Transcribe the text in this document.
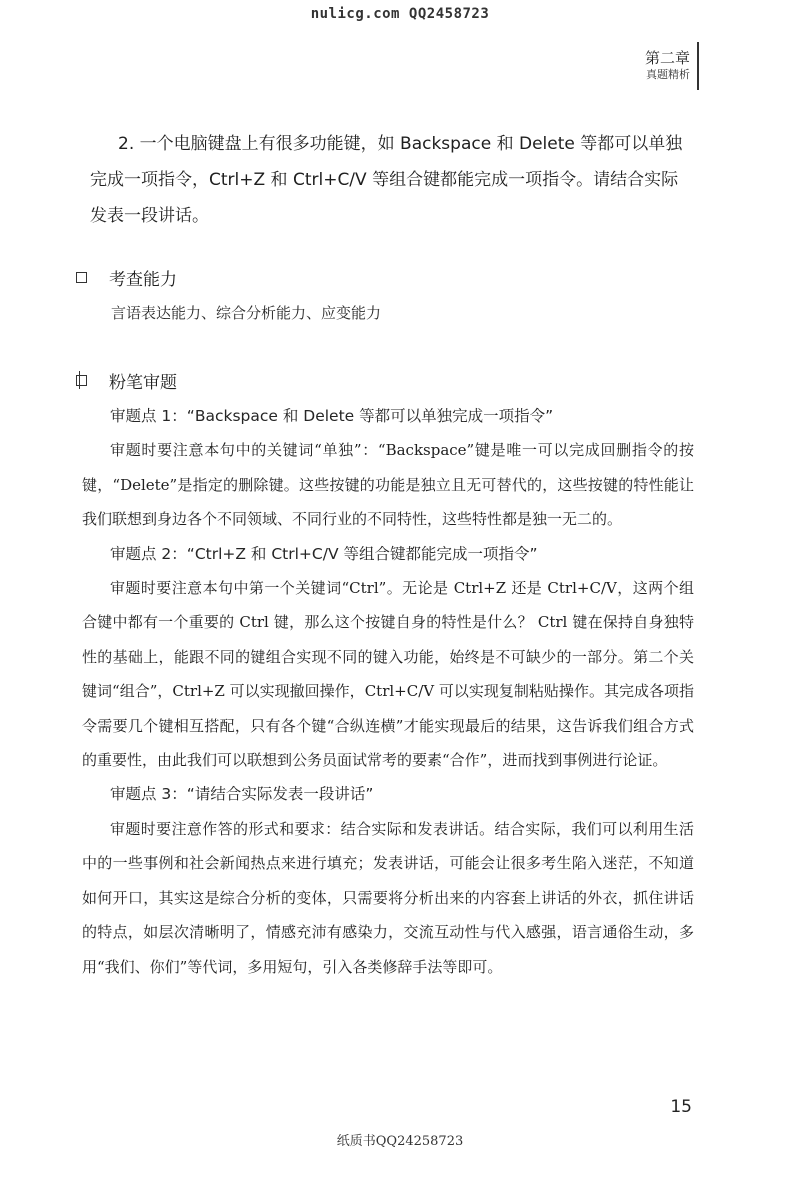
nulicg.com QQ2458723
第二章
真题精析
2. 一个电脑键盘上有很多功能键，如 Backspace 和 Delete 等都可以单独完成一项指令，Ctrl+Z 和 Ctrl+C/V 等组合键都能完成一项指令。请结合实际发表一段讲话。
考查能力
言语表达能力、综合分析能力、应变能力
粉笔审题

审题点 1：“Backspace 和 Delete 等都可以单独完成一项指令”

审题时要注意本句中的关键词“单独”：“Backspace”键是唯一可以完成回删指令的按键，“Delete”是指定的删除键。这些按键的功能是独立且无可替代的，这些按键的特性能让我们联想到身边各个不同领域、不同行业的不同特性，这些特性都是独一无二的。

审题点 2：“Ctrl+Z 和 Ctrl+C/V 等组合键都能完成一项指令”

审题时要注意本句中第一个关键词“Ctrl”。无论是 Ctrl+Z 还是 Ctrl+C/V，这两个组合键中都有一个重要的 Ctrl 键，那么这个按键自身的特性是什么？ Ctrl 键在保持自身独特性的基础上，能跟不同的键组合实现不同的键入功能，始终是不可缺少的一部分。第二个关键词“组合”，Ctrl+Z 可以实现撤回操作，Ctrl+C/V 可以实现复制粘贴操作。其完成各项指令需要几个键相互搭配，只有各个键“合纵连横”才能实现最后的结果，这告诉我们组合方式的重要性，由此我们可以联想到公务员面试常考的要素“合作”，进而找到事例进行论证。

审题点 3：“请结合实际发表一段讲话”

审题时要注意作答的形式和要求：结合实际和发表讲话。结合实际，我们可以利用生活中的一些事例和社会新闻热点来进行填充；发表讲话，可能会让很多考生陷入迷茫，不知道如何开口，其实这是综合分析的变体，只需要将分析出来的内容套上讲话的外衣，抓住讲话的特点，如层次清晰明了，情感充沛有感染力，交流互动性与代入感强，语言通俗生动，多用“我们、你们”等代词，多用短句，引入各类修辞手法等即可。

15
纸质书QQ24258723
